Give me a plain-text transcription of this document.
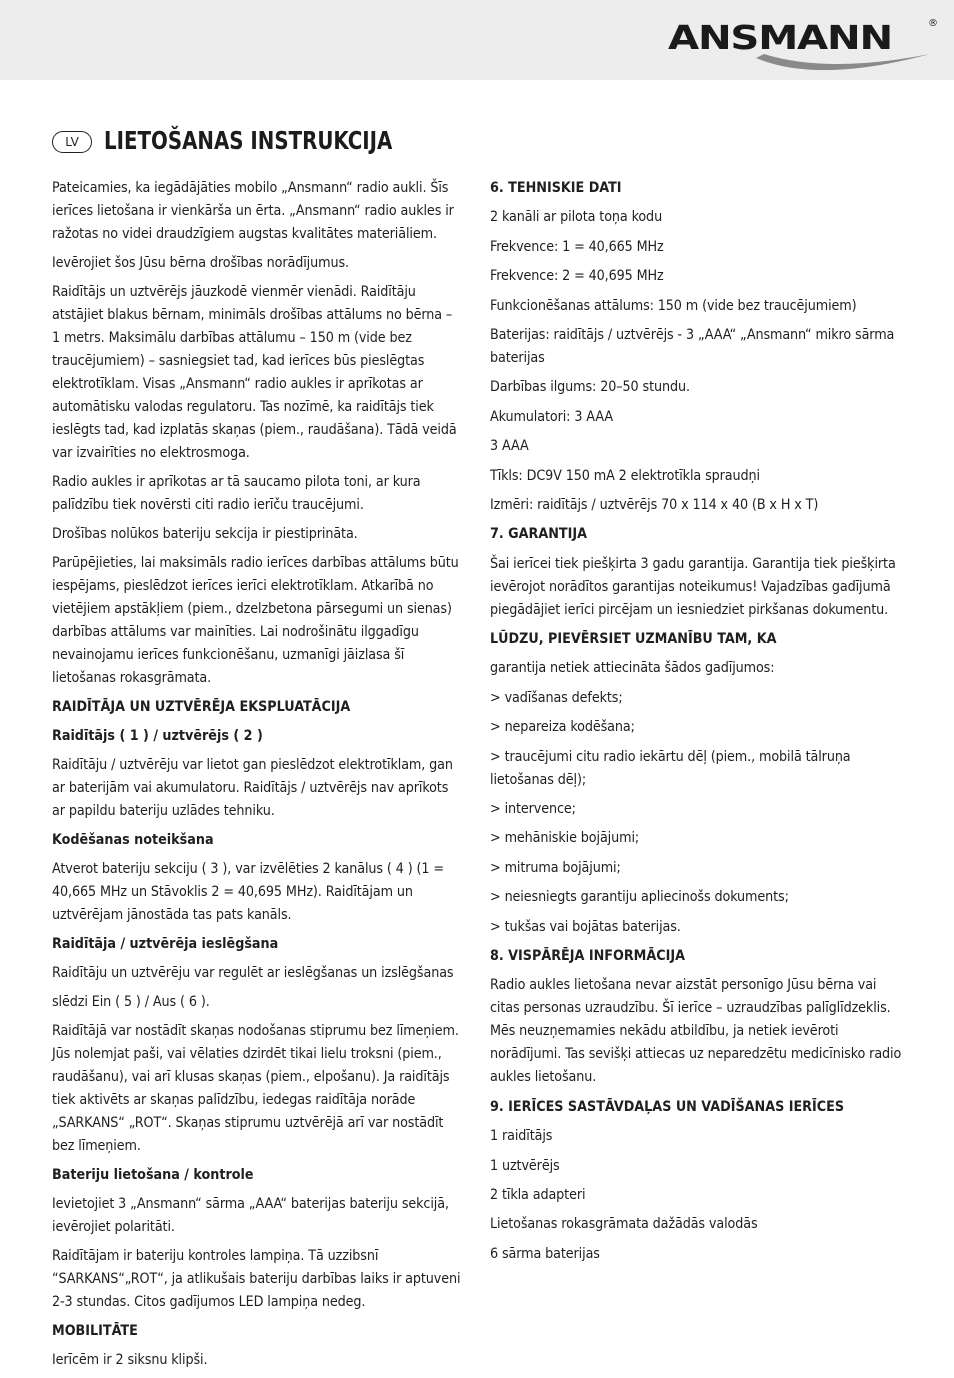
ANSMANN	®
LV	LIETOŠANAS INSTRUKCIJA

Pateicamies, ka iegādājāties mobilo „Ansmann“ radio aukli. Šīs ierīces lietošana ir vienkārša un ērta. „Ansmann“ radio aukles ir ražotas no videi draudzīgiem augstas kvalitātes materiāliem.

Ievērojiet šos Jūsu bērna drošības norādījumus.

Raidītājs un uztvērējs jāuzkodē vienmēr vienādi. Raidītāju atstājiet blakus bērnam, minimāls drošības attālums no bērna – 1 metrs. Maksimālu darbības attālumu – 150 m (vide bez traucējumiem) – sasniegsiet tad, kad ierīces būs pieslēgtas elektrotīklam. Visas „Ansmann“ radio aukles ir aprīkotas ar automātisku valodas regulatoru. Tas nozīmē, ka raidītājs tiek ieslēgts tad, kad izplatās skaņas (piem., raudāšana). Tādā veidā var izvairīties no elektrosmoga.

Radio aukles ir aprīkotas ar tā saucamo pilota toni, ar kura palīdzību tiek novērsti citi radio ierīču traucējumi.

Drošības nolūkos bateriju sekcija ir piestiprināta.

Parūpējieties, lai maksimāls radio ierīces darbības attālums būtu iespējams, pieslēdzot ierīces ierīci elektrotīklam. Atkarībā no vietējiem apstākļiem (piem., dzelzbetona pārsegumi un sienas) darbības attālums var mainīties. Lai nodrošinātu ilggadīgu nevainojamu ierīces funkcionēšanu, uzmanīgi jāizlasa šī lietošanas rokasgrāmata.

RAIDĪTĀJA UN UZTVĒRĒJA EKSPLUATĀCIJA
Raidītājs ( 1 ) / uztvērējs ( 2 )

Raidītāju / uztvērēju var lietot gan pieslēdzot elektrotīklam, gan ar baterijām vai akumulatoru. Raidītājs / uztvērējs nav aprīkots ar papildu bateriju uzlādes tehniku.

Kodēšanas noteikšana

Atverot bateriju sekciju ( 3 ), var izvēlēties 2 kanālus ( 4 ) (1 = 40,665 MHz un Stāvoklis 2 = 40,695 MHz). Raidītājam un uztvērējam jānostāda tas pats kanāls.

Raidītāja / uztvērēja ieslēgšana

Raidītāju un uztvērēju var regulēt ar ieslēgšanas un izslēgšanas

slēdzi Ein ( 5 ) / Aus ( 6 ).

Raidītājā var nostādīt skaņas nodošanas stiprumu bez līmeņiem. Jūs nolemjat paši, vai vēlaties dzirdēt tikai lielu troksni (piem., raudāšanu), vai arī klusas skaņas (piem., elpošanu). Ja raidītājs tiek aktivēts ar skaņas palīdzību, iedegas raidītāja norāde „SARKANS“ „ROT“. Skaņas stiprumu uztvērējā arī var nostādīt bez līmeņiem.

Bateriju lietošana / kontrole

Ievietojiet 3 „Ansmann“ sārma „AAA“ baterijas bateriju sekcijā, ievērojiet polaritāti.

Raidītājam ir bateriju kontroles lampiņa. Tā uzzibsnī “SARKANS“„ROT“, ja atlikušais bateriju darbības laiks ir aptuveni 2-3 stundas. Citos gadījumos LED lampiņa nedeg.

MOBILITĀTE

Ierīcēm ir 2 siksnu klipši.

6. TEHNISKIE DATI

2 kanāli ar pilota toņa kodu

Frekvence: 1 = 40,665 MHz

Frekvence: 2 = 40,695 MHz

Funkcionēšanas attālums: 150 m (vide bez traucējumiem)

Baterijas: raidītājs / uztvērējs - 3 „AAA“ „Ansmann“ mikro sārma baterijas

Darbības ilgums: 20–50 stundu.

Akumulatori: 3 AAA

3 AAA

Tīkls: DC9V 150 mA 2 elektrotīkla spraudņi

Izmēri: raidītājs / uztvērējs 70 x 114 x 40 (B x H x T)

7. GARANTIJA

Šai ierīcei tiek piešķirta 3 gadu garantija. Garantija tiek piešķirta ievērojot norādītos garantijas noteikumus! Vajadzības gadījumā piegādājiet ierīci pircējam un iesniedziet pirkšanas dokumentu.

LŪDZU, PIEVĒRSIET UZMANĪBU TAM, KA

garantija netiek attiecināta šādos gadījumos:

> vadīšanas defekts;

> nepareiza kodēšana;

> traucējumi citu radio iekārtu dēļ (piem., mobilā tālruņa lietošanas dēļ);

> intervence;

> mehāniskie bojājumi;

> mitruma bojājumi;

> neiesniegts garantiju apliecinošs dokuments;

> tukšas vai bojātas baterijas.

8. VISPĀRĒJA INFORMĀCIJA

Radio aukles lietošana nevar aizstāt personīgo Jūsu bērna vai citas personas uzraudzību. Šī ierīce – uzraudzības palīglīdzeklis. Mēs neuzņemamies nekādu atbildību, ja netiek ievēroti norādījumi. Tas sevišķi attiecas uz neparedzētu medicīnisko radio aukles lietošanu.

9. IERĪCES SASTĀVDAĻAS UN VADĪŠANAS IERĪCES

1 raidītājs

1 uztvērējs

2 tīkla adapteri

Lietošanas rokasgrāmata dažādās valodās

6 sārma baterijas
